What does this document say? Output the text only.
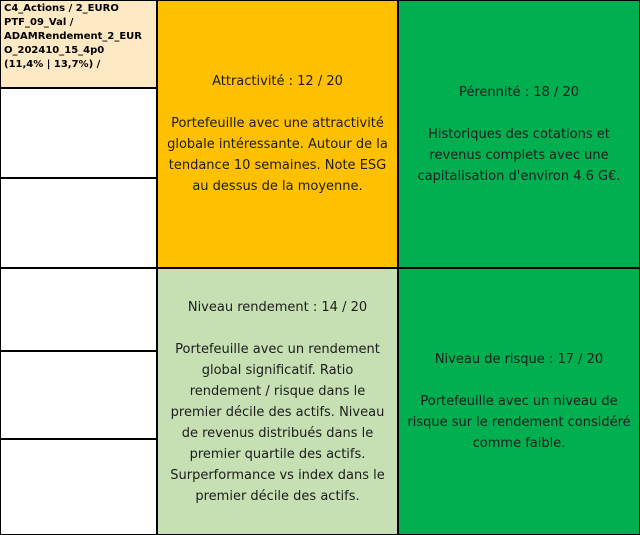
C4_Actions / 2_EURO
PTF_09_Val /
ADAMRendement_2_EUR
O_202410_15_4p0
(11,4% | 13,7%) /
Attractivité : 12 / 20
Portefeuille avec une attractivité globale intéressante. Autour de la tendance 10 semaines. Note ESG au dessus de la moyenne.
Pérennité : 18 / 20
Historiques des cotations et revenus complets avec une capitalisation d'environ 4.6 G€.
Niveau rendement : 14 / 20
Portefeuille avec un rendement global significatif. Ratio rendement / risque dans le premier décile des actifs. Niveau de revenus distribués dans le premier quartile des actifs. Surperformance vs index dans le premier décile des actifs.
Niveau de risque : 17 / 20
Portefeuille avec un niveau de risque sur le rendement considéré comme faible.
